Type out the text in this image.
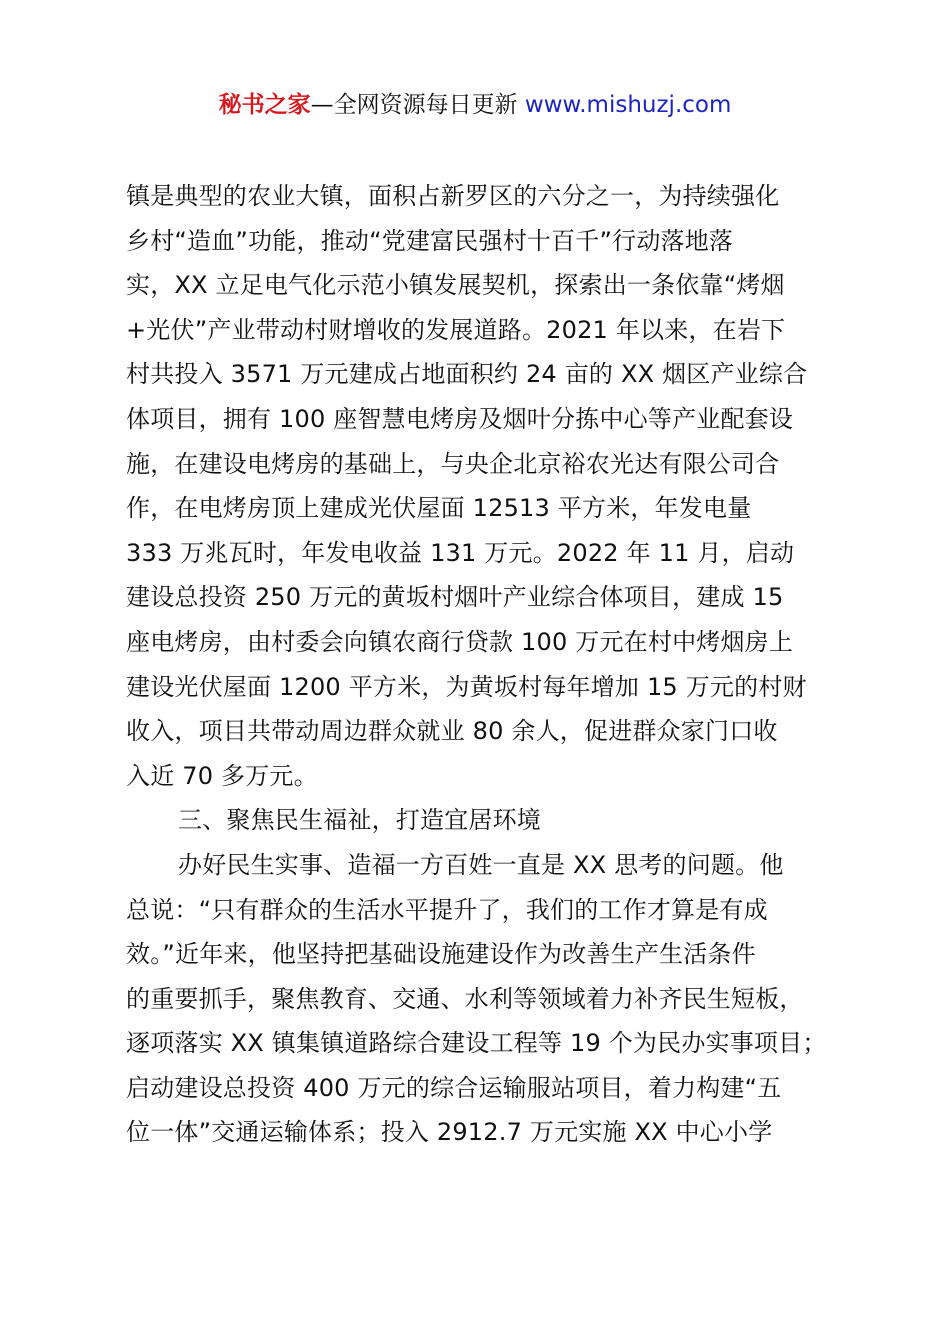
秘书之家—全网资源每日更新 www.mishuzj.com
镇是典型的农业大镇，面积占新罗区的六分之一，为持续强化
乡村“造血”功能，推动“党建富民强村十百千”行动落地落
实，XX 立足电气化示范小镇发展契机，探索出一条依靠“烤烟
+光伏”产业带动村财增收的发展道路。2021 年以来，在岩下
村共投入 3571 万元建成占地面积约 24 亩的 XX 烟区产业综合
体项目，拥有 100 座智慧电烤房及烟叶分拣中心等产业配套设
施，在建设电烤房的基础上，与央企北京裕农光达有限公司合
作，在电烤房顶上建成光伏屋面 12513 平方米，年发电量
333 万兆瓦时，年发电收益 131 万元。2022 年 11 月，启动
建设总投资 250 万元的黄坂村烟叶产业综合体项目，建成 15
座电烤房，由村委会向镇农商行贷款 100 万元在村中烤烟房上
建设光伏屋面 1200 平方米，为黄坂村每年增加 15 万元的村财
收入，项目共带动周边群众就业 80 余人，促进群众家门口收
入近 70 多万元。
三、聚焦民生福祉，打造宜居环境
办好民生实事、造福一方百姓一直是 XX 思考的问题。他
总说：“只有群众的生活水平提升了，我们的工作才算是有成
效。”近年来，他坚持把基础设施建设作为改善生产生活条件
的重要抓手，聚焦教育、交通、水利等领域着力补齐民生短板，
逐项落实 XX 镇集镇道路综合建设工程等 19 个为民办实事项目；
启动建设总投资 400 万元的综合运输服站项目，着力构建“五
位一体”交通运输体系；投入 2912.7 万元实施 XX 中心小学
